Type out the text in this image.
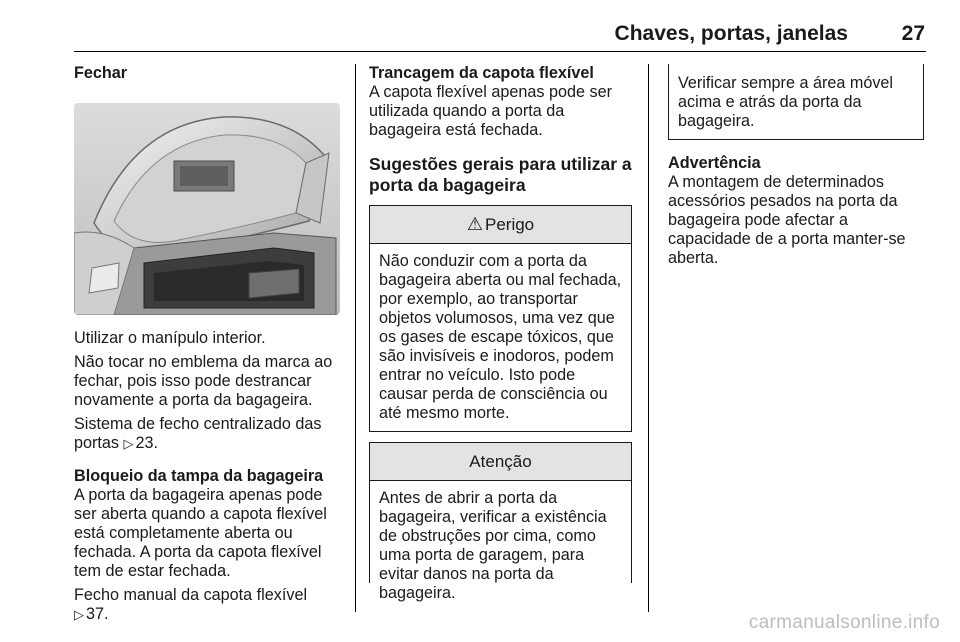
Chaves, portas, janelas	27

Fechar

Utilizar o manípulo interior.

Não tocar no emblema da marca ao fechar, pois isso pode destrancar novamente a porta da bagageira.

Sistema de fecho centralizado das portas ▷ 23.

Bloqueio da tampa da bagageira

A porta da bagageira apenas pode ser aberta quando a capota flexível está completamente aberta ou fechada. A porta da capota flexível tem de estar fechada.

Fecho manual da capota flexível
▷ 37.

Trancagem da capota flexível

A capota flexível apenas pode ser utilizada quando a porta da bagageira está fechada.

Sugestões gerais para utilizar a porta da bagageira

⚠ Perigo
Não conduzir com a porta da bagageira aberta ou mal fechada, por exemplo, ao transportar objetos volumosos, uma vez que os gases de escape tóxicos, que são invisíveis e inodoros, podem entrar no veículo. Isto pode causar perda de consciência ou até mesmo morte.
Atenção
Antes de abrir a porta da bagageira, verificar a existência de obstruções por cima, como uma porta de garagem, para evitar danos na porta da bagageira.
Verificar sempre a área móvel acima e atrás da porta da bagageira.

Advertência

A montagem de determinados acessórios pesados na porta da bagageira pode afectar a capacidade de a porta manter-se aberta.

carmanualsonline.info
